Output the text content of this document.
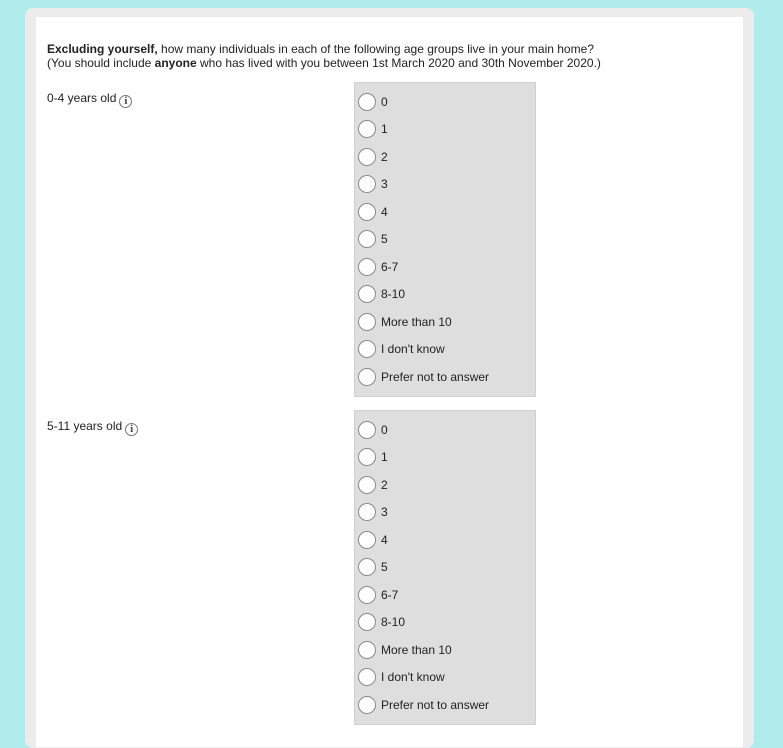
Excluding yourself, how many individuals in each of the following age groups live in your main home?
(You should include anyone who has lived with you between 1st March 2020 and 30th November 2020.)
0-4 years old i	0
1
2
3
4
5
6-7
8-10
More than 10
I don't know
Prefer not to answer
5-11 years old i	0
1
2
3
4
5
6-7
8-10
More than 10
I don't know
Prefer not to answer
